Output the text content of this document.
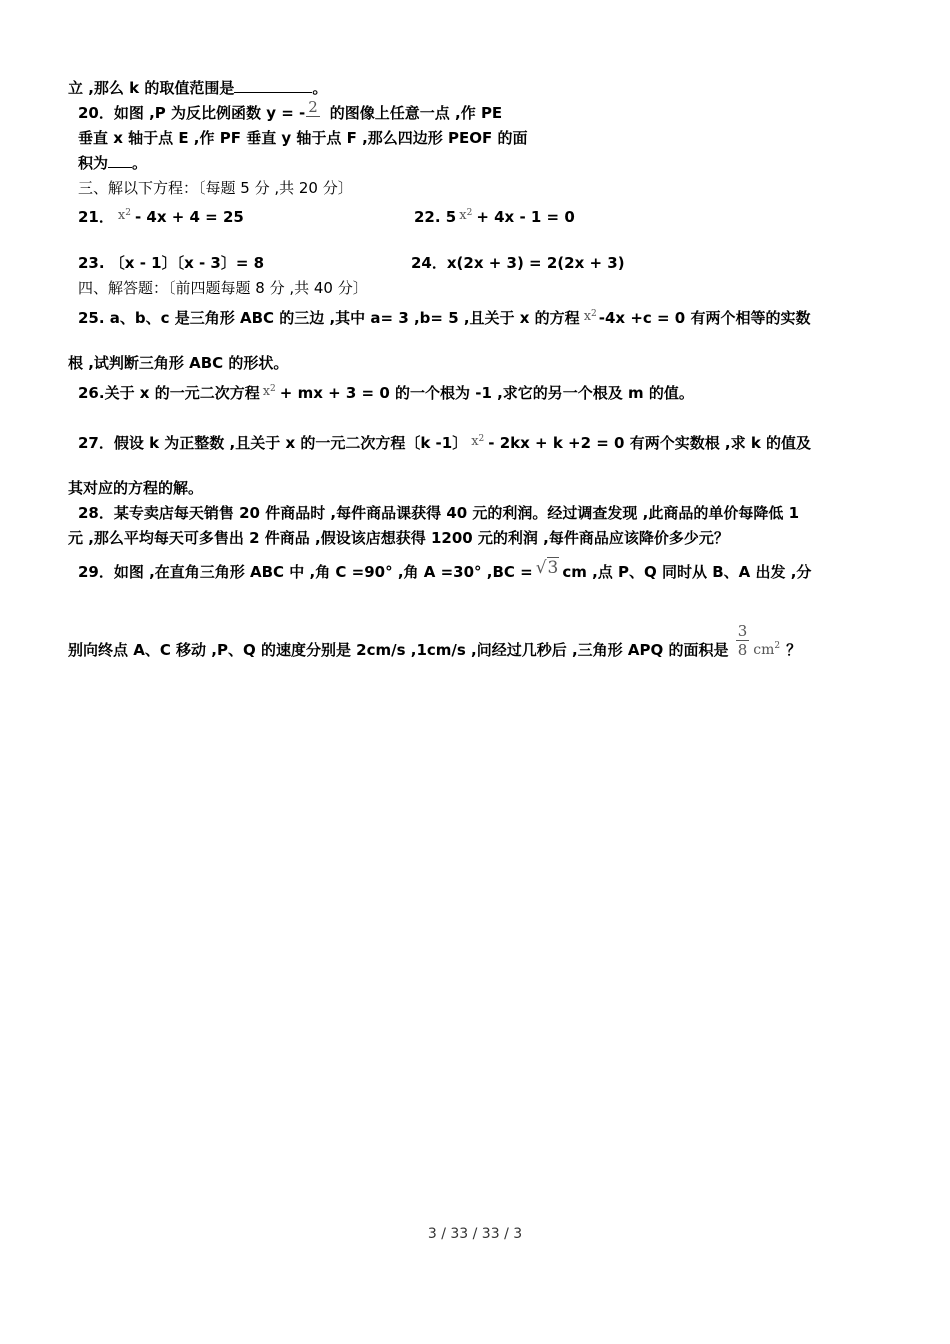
立 ,那么 k 的取值范围是	。
20．如图 ,P 为反比例函数 y = - 2 的图像上任意一点 ,作 PE
垂直 x 轴于点 E ,作 PF 垂直 y 轴于点 F ,那么四边形 PEOF 的面
积为 。
三、解以下方程：〔每题 5 分 ,共 20 分〕
21． $x^2 - 4x + 4 = 25$	22. 5 $x^2 + 4x - 1 = 0$
23. 〔x - 1〕〔x - 3〕= 8	24．x(2x + 3) = 2(2x + 3)
四、解答题：〔前四题每题 8 分 ,共 40 分〕
25. a、b、c 是三角形 ABC 的三边 ,其中 a= 3 ,b= 5 ,且关于 x 的方程 $x^2$ -4x +c = 0 有两个相等的实数
根 ,试判断三角形 ABC 的形状。
26.关于 x 的一元二次方程 $x^2$ + mx + 3 = 0 的一个根为 -1 ,求它的另一个根及 m 的值。
27．假设 k 为正整数 ,且关于 x 的一元二次方程〔k -1〕 $x^2 - 2kx + k +2 = 0$ 有两个实数根 ,求 k 的值及
其对应的方程的解。
28．某专卖店每天销售 20 件商品时 ,每件商品课获得 40 元的利润。经过调查发现 ,此商品的单价每降低 1
元 ,那么平均每天可多售出 2 件商品 ,假设该店想获得 1200 元的利润 ,每件商品应该降价多少元？
29．如图 ,在直角三角形 ABC 中 ,角 C =90° ,角 A =30° ,BC = √3 cm ,点 P、Q 同时从 B、A 出发 ,分
别向终点 A、C 移动 ,P、Q 的速度分别是 2cm/s ,1cm/s ,问经过几秒后 ,三角形 APQ 的面积是 $\frac{3}{8} cm^2$ ？
3 / 33 / 33 / 3
